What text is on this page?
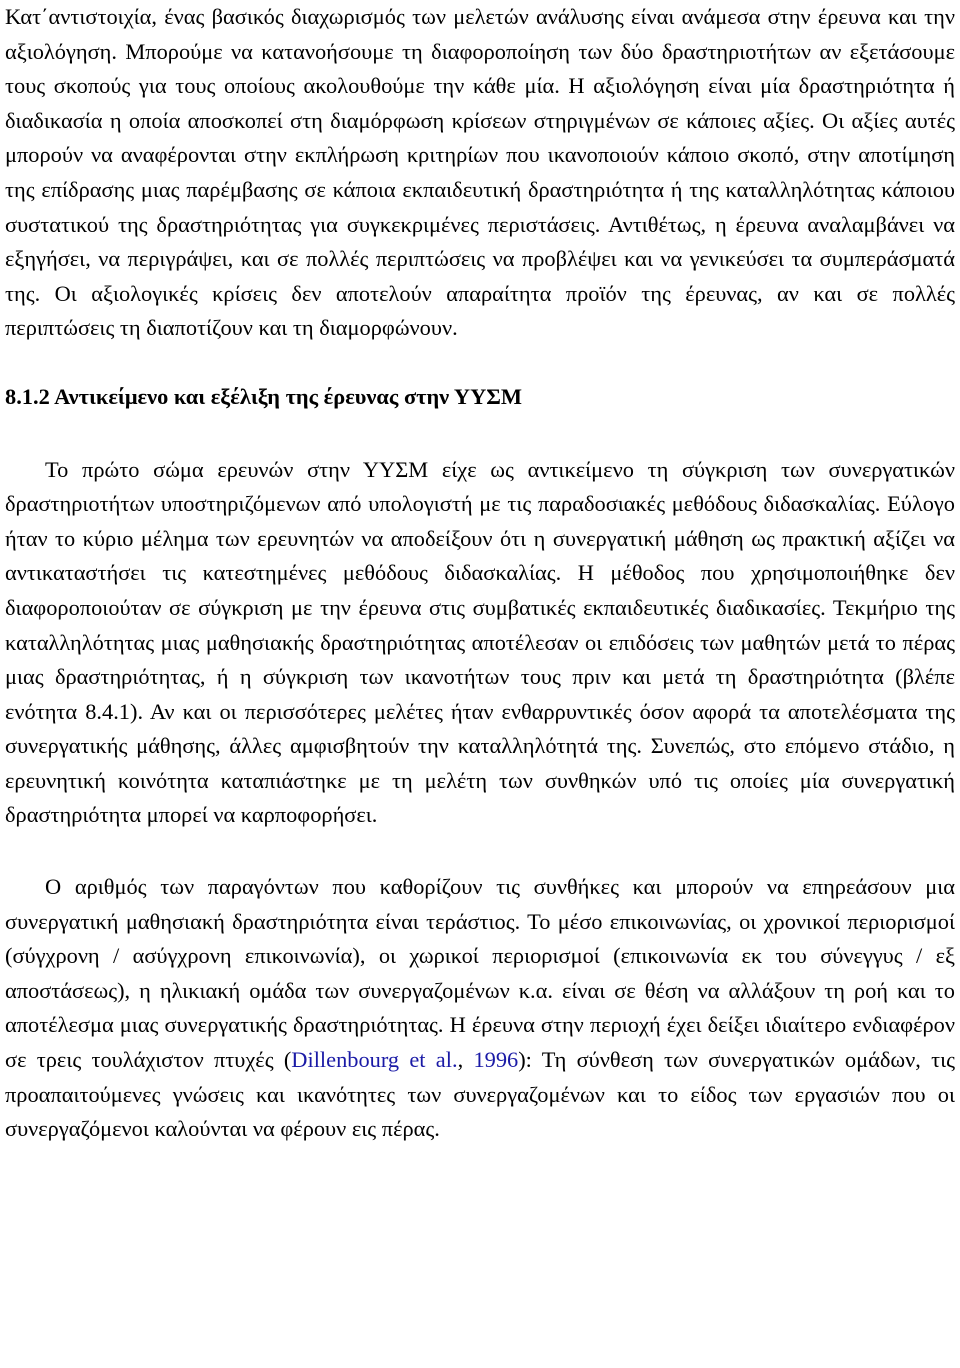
Κατ΄αντιστοιχία, ένας βασικός διαχωρισμός των μελετών ανάλυσης είναι ανάμεσα στην έρευνα και την αξιολόγηση. Μπορούμε να κατανοήσουμε τη διαφοροποίηση των δύο δραστηριοτήτων αν εξετάσουμε τους σκοπούς για τους οποίους ακολουθούμε την κάθε μία. Η αξιολόγηση είναι μία δραστηριότητα ή διαδικασία η οποία αποσκοπεί στη διαμόρφωση κρίσεων στηριγμένων σε κάποιες αξίες. Οι αξίες αυτές μπορούν να αναφέρονται στην εκπλήρωση κριτηρίων που ικανοποιούν κάποιο σκοπό, στην αποτίμηση της επίδρασης μιας παρέμβασης σε κάποια εκπαιδευτική δραστηριότητα ή της καταλληλότητας κάποιου συστατικού της δραστηριότητας για συγκεκριμένες περιστάσεις. Αντιθέτως, η έρευνα αναλαμβάνει να εξηγήσει, να περιγράψει, και σε πολλές περιπτώσεις να προβλέψει και να γενικεύσει τα συμπεράσματά της. Οι αξιολογικές κρίσεις δεν αποτελούν απαραίτητα προϊόν της έρευνας, αν και σε πολλές περιπτώσεις τη διαποτίζουν και τη διαμορφώνουν.

8.1.2 Αντικείμενο και εξέλιξη της έρευνας στην ΥΥΣΜ

Το πρώτο σώμα ερευνών στην ΥΥΣΜ είχε ως αντικείμενο τη σύγκριση των συνεργατικών δραστηριοτήτων υποστηριζόμενων από υπολογιστή με τις παραδοσιακές μεθόδους διδασκαλίας. Εύλογο ήταν το κύριο μέλημα των ερευνητών να αποδείξουν ότι η συνεργατική μάθηση ως πρακτική αξίζει να αντικαταστήσει τις κατεστημένες μεθόδους διδασκαλίας. Η μέθοδος που χρησιμοποιήθηκε δεν διαφοροποιούταν σε σύγκριση με την έρευνα στις συμβατικές εκπαιδευτικές διαδικασίες. Τεκμήριο της καταλληλότητας μιας μαθησιακής δραστηριότητας αποτέλεσαν οι επιδόσεις των μαθητών μετά το πέρας μιας δραστηριότητας, ή η σύγκριση των ικανοτήτων τους πριν και μετά τη δραστηριότητα (βλέπε ενότητα 8.4.1). Αν και οι περισσότερες μελέτες ήταν ενθαρρυντικές όσον αφορά τα αποτελέσματα της συνεργατικής μάθησης, άλλες αμφισβητούν την καταλληλότητά της. Συνεπώς, στο επόμενο στάδιο, η ερευνητική κοινότητα καταπιάστηκε με τη μελέτη των συνθηκών υπό τις οποίες μία συνεργατική δραστηριότητα μπορεί να καρποφορήσει.

Ο αριθμός των παραγόντων που καθορίζουν τις συνθήκες και μπορούν να επηρεάσουν μια συνεργατική μαθησιακή δραστηριότητα είναι τεράστιος. Το μέσο επικοινωνίας, οι χρονικοί περιορισμοί (σύγχρονη / ασύγχρονη επικοινωνία), οι χωρικοί περιορισμοί (επικοινωνία εκ του σύνεγγυς / εξ αποστάσεως), η ηλικιακή ομάδα των συνεργαζομένων κ.α. είναι σε θέση να αλλάξουν τη ροή και το αποτέλεσμα μιας συνεργατικής δραστηριότητας. Η έρευνα στην περιοχή έχει δείξει ιδιαίτερο ενδιαφέρον σε τρεις τουλάχιστον πτυχές (Dillenbourg et al., 1996): Τη σύνθεση των συνεργατικών ομάδων, τις προαπαιτούμενες γνώσεις και ικανότητες των συνεργαζομένων και το είδος των εργασιών που οι συνεργαζόμενοι καλούνται να φέρουν εις πέρας.
